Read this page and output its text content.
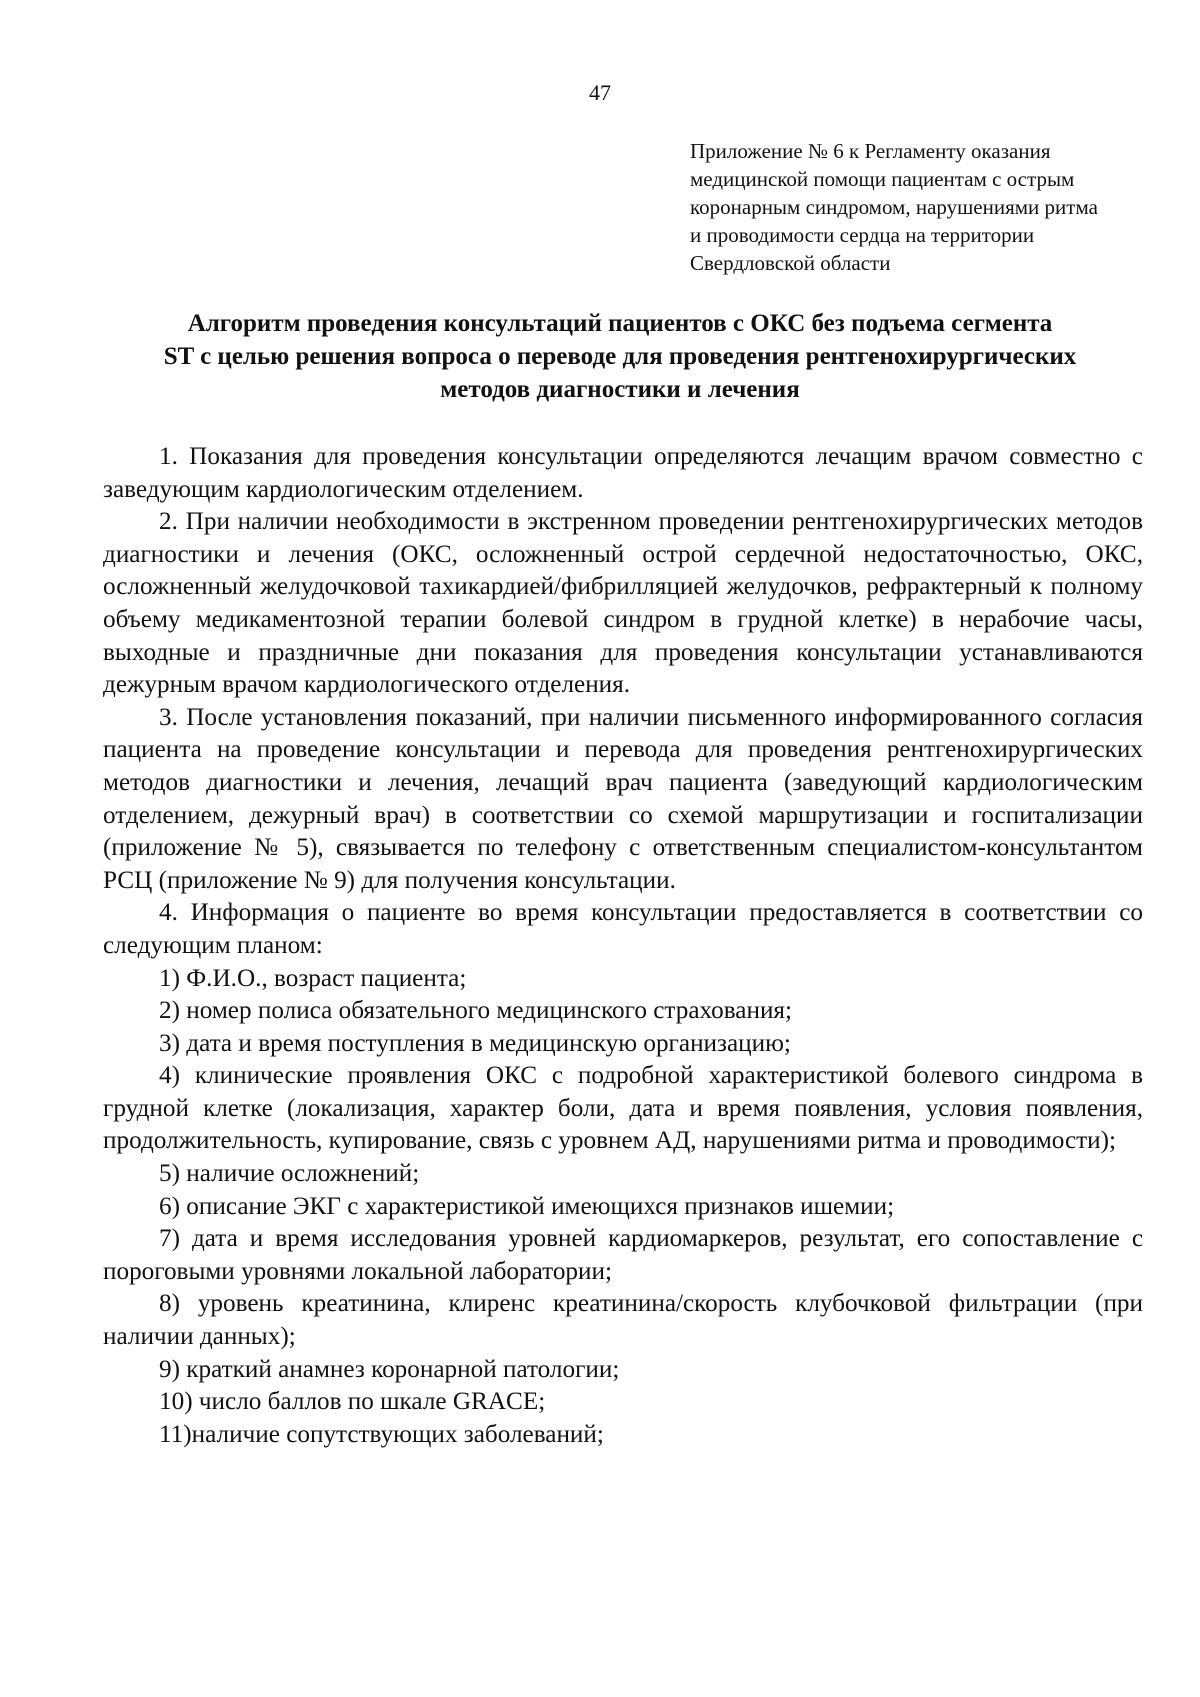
47
Приложение № 6 к Регламенту оказания
медицинской помощи пациентам с острым
коронарным синдромом, нарушениями ритма
и проводимости сердца на территории
Свердловской области
Алгоритм проведения консультаций пациентов с ОКС без подъема сегмента
ST с целью решения вопроса о переводе для проведения рентгенохирургических
методов диагностики и лечения

1. Показания для проведения консультации определяются лечащим врачом совместно с заведующим кардиологическим отделением.

2. При наличии необходимости в экстренном проведении рентгенохирургических методов диагностики и лечения (ОКС, осложненный острой сердечной недостаточностью, ОКС, осложненный желудочковой тахикардией/фибрилляцией желудочков, рефрактерный к полному объему медикаментозной терапии болевой синдром в грудной клетке) в нерабочие часы, выходные и праздничные дни показания для проведения консультации устанавливаются дежурным врачом кардиологического отделения.

3. После установления показаний, при наличии письменного информированного согласия пациента на проведение консультации и перевода для проведения рентгенохирургических методов диагностики и лечения, лечащий врач пациента (заведующий кардиологическим отделением, дежурный врач) в соответствии со схемой маршрутизации и госпитализации (приложение № 5), связывается по телефону с ответственным специалистом-консультантом РСЦ (приложение № 9) для получения консультации.

4. Информация о пациенте во время консультации предоставляется в соответствии со следующим планом:

1) Ф.И.О., возраст пациента;

2) номер полиса обязательного медицинского страхования;

3) дата и время поступления в медицинскую организацию;

4) клинические проявления ОКС с подробной характеристикой болевого синдрома в грудной клетке (локализация, характер боли, дата и время появления, условия появления, продолжительность, купирование, связь с уровнем АД, нарушениями ритма и проводимости);

5) наличие осложнений;

6) описание ЭКГ с характеристикой имеющихся признаков ишемии;

7) дата и время исследования уровней кардиомаркеров, результат, его сопоставление с пороговыми уровнями локальной лаборатории;

8) уровень креатинина, клиренс креатинина/скорость клубочковой фильтрации (при наличии данных);

9) краткий анамнез коронарной патологии;

10) число баллов по шкале GRACE;

11)наличие сопутствующих заболеваний;
